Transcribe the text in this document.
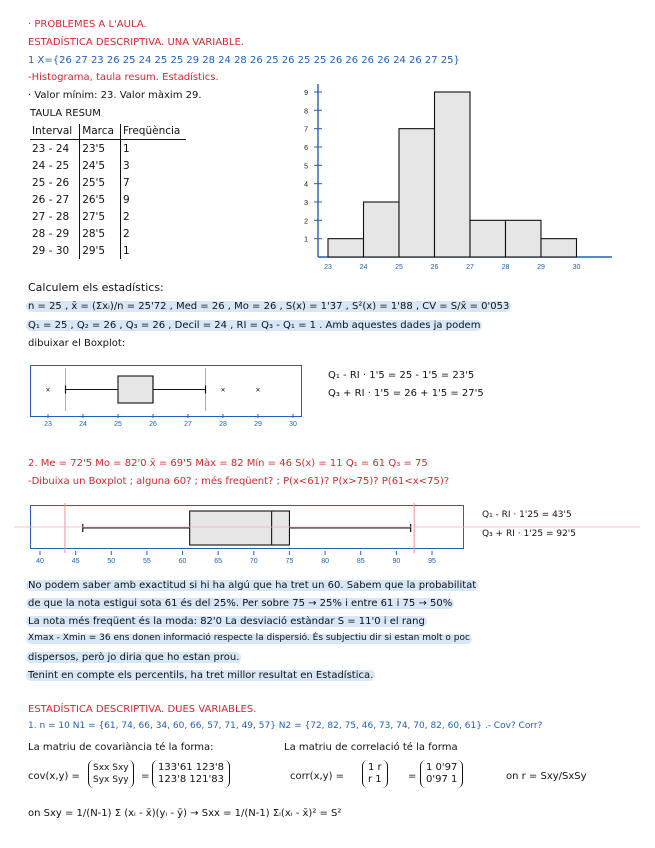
· PROBLEMES A L'AULA.
ESTADÍSTICA DESCRIPTIVA. UNA VARIABLE.
1 X={26 27 23 26 25 24 25 25 29 28 24 28 26 25 26 25 25 26 26 26 26 24 26 27 25}
-Histograma, taula resum. Estadístics.
· Valor mínim: 23. Valor màxim 29.
TAULA RESUM
Interval	Marca	Freqüència
23 - 24	23'5	1
24 - 25	24'5	3
25 - 26	25'5	7
26 - 27	26'5	9
27 - 28	27'5	2
28 - 29	28'5	2
29 - 30	29'5	1
1
2
3
4
5
6
7
8
9
23	24	25	26	27	28	29	30
Calculem els estadístics:
n = 25 , x̄ = (Σxᵢ)/n = 25'72 , Med = 26 , Mo = 26 , S(x) = 1'37 , S²(x) = 1'88 , CV = S/x̄ = 0'053
Q₁ = 25 , Q₂ = 26 , Q₃ = 26 , Decil = 24 , RI = Q₃ - Q₁ = 1 . Amb aquestes dades ja podem
dibuixar el Boxplot:
×	×	×
23	24	25	26	27	28	29	30
Q₁ - RI · 1'5 = 25 - 1'5 = 23'5
Q₃ + RI · 1'5 = 26 + 1'5 = 27'5
2. Me = 72'5 Mo = 82'0 x̄ = 69'5 Màx = 82 Mín = 46 S(x) = 11 Q₁ = 61 Q₃ = 75
-Dibuixa un Boxplot ; alguna 60? ; més freqüent? ; P(x<61)? P(x>75)? P(61<x<75)?
40	45	50	55	60	65	70	75	80	85	90	95
Q₁ - RI · 1'25 = 43'5
Q₃ + RI · 1'25 = 92'5
No podem saber amb exactitud si hi ha algú que ha tret un 60. Sabem que la probabilitat
de que la nota estigui sota 61 és del 25%. Per sobre 75 → 25% i entre 61 i 75 → 50%
La nota més freqüent és la moda: 82'0 La desviació estàndar S = 11'0 i el rang
Xmax - Xmin = 36 ens donen informació respecte la dispersió. És subjectiu dir si estan molt o poc
dispersos, però jo diria que ho estan prou.
Tenint en compte els percentils, ha tret millor resultat en Estadística.
ESTADÍSTICA DESCRIPTIVA. DUES VARIABLES.
1. n = 10 N1 = {61, 74, 66, 34, 60, 66, 57, 71, 49, 57} N2 = {72, 82, 75, 46, 73, 74, 70, 82, 60, 61} .- Cov? Corr?
La matriu de covariància té la forma:	La matriu de correlació té la forma
cov(x,y) =
Sxx Sxy
Syx Syy =
133'61 123'8
123'8 121'83	corr(x,y) =
1 r
r 1	=
1 0'97
0'97 1	on r = Sxy/SxSy
on Sxy = 1/(N-1) Σ (xᵢ - x̄)(yᵢ - ȳ) → Sxx = 1/(N-1) Σᵢ(xᵢ - x̄)² = S²
